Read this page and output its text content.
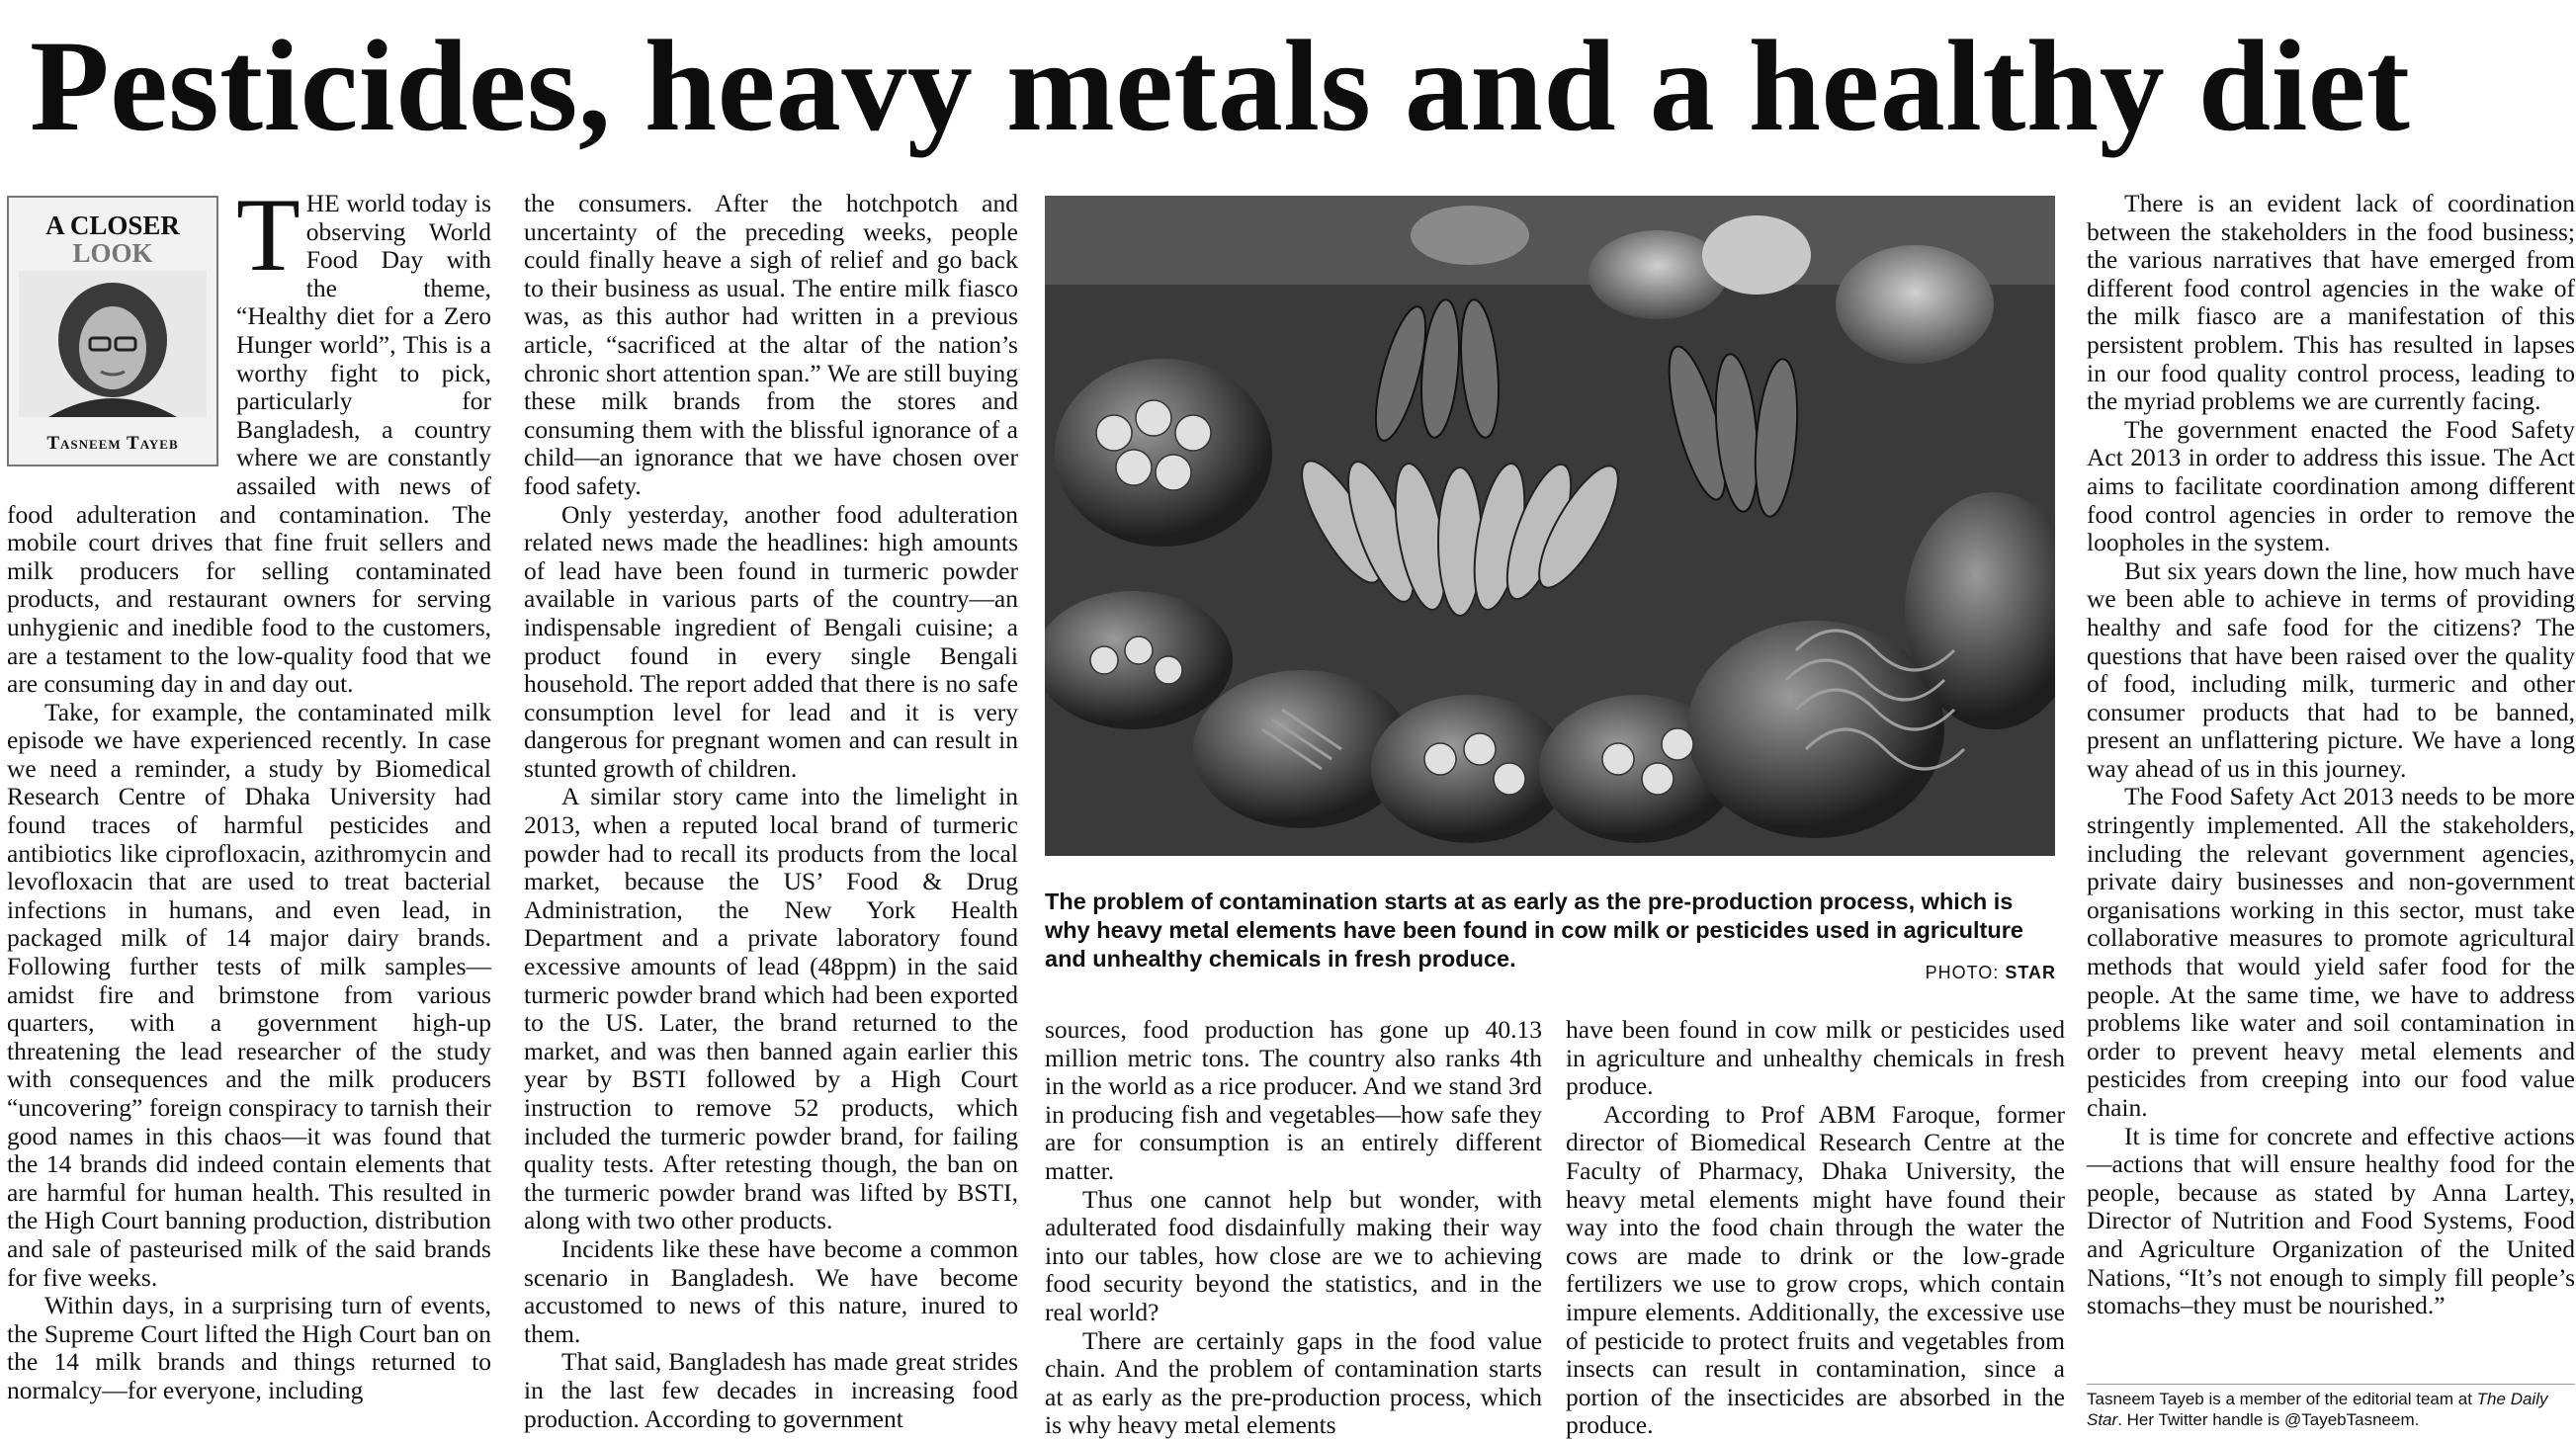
Pesticides, heavy metals and a healthy diet
A CLOSER
LOOK
Tasneem Tayeb
T HE world today is observing World Food Day with the theme, “Healthy diet for a Zero Hunger world”, This is a worthy fight to pick, particularly for Bangladesh, a country where we are constantly assailed with news of food adulteration and contamination. The mobile court drives that fine fruit sellers and milk producers for selling contaminated products, and restaurant owners for serving unhygienic and inedible food to the customers, are a testament to the low-quality food that we are consuming day in and day out.

Take, for example, the contaminated milk episode we have experienced recently. In case we need a reminder, a study by Biomedical Research Centre of Dhaka University had found traces of harmful pesticides and antibiotics like ciprofloxacin, azithromycin and levofloxacin that are used to treat bacterial infections in humans, and even lead, in packaged milk of 14 major dairy brands. Following further tests of milk samples—amidst fire and brimstone from various quarters, with a government high-up threatening the lead researcher of the study with consequences and the milk producers “uncovering” foreign conspiracy to tarnish their good names in this chaos—it was found that the 14 brands did indeed contain elements that are harmful for human health. This resulted in the High Court banning production, distribution and sale of pasteurised milk of the said brands for five weeks.

Within days, in a surprising turn of events, the Supreme Court lifted the High Court ban on the 14 milk brands and things returned to normalcy—for everyone, including

the consumers. After the hotchpotch and uncertainty of the preceding weeks, people could finally heave a sigh of relief and go back to their business as usual. The entire milk fiasco was, as this author had written in a previous article, “sacrificed at the altar of the nation’s chronic short attention span.” We are still buying these milk brands from the stores and consuming them with the blissful ignorance of a child—an ignorance that we have chosen over food safety.

Only yesterday, another food adulteration related news made the headlines: high amounts of lead have been found in turmeric powder available in various parts of the country—an indispensable ingredient of Bengali cuisine; a product found in every single Bengali household. The report added that there is no safe consumption level for lead and it is very dangerous for pregnant women and can result in stunted growth of children.

A similar story came into the limelight in 2013, when a reputed local brand of turmeric powder had to recall its products from the local market, because the US’ Food & Drug Administration, the New York Health Department and a private laboratory found excessive amounts of lead (48ppm) in the said turmeric powder brand which had been exported to the US. Later, the brand returned to the market, and was then banned again earlier this year by BSTI followed by a High Court instruction to remove 52 products, which included the turmeric powder brand, for failing quality tests. After retesting though, the ban on the turmeric powder brand was lifted by BSTI, along with two other products.

Incidents like these have become a common scenario in Bangladesh. We have become accustomed to news of this nature, inured to them.

That said, Bangladesh has made great strides in the last few decades in increasing food production. According to government

The problem of contamination starts at as early as the pre-production process, which is why heavy metal elements have been found in cow milk or pesticides used in agriculture and unhealthy chemicals in fresh produce.
PHOTO: STAR

sources, food production has gone up 40.13 million metric tons. The country also ranks 4th in the world as a rice producer. And we stand 3rd in producing fish and vegetables—how safe they are for consumption is an entirely different matter.

Thus one cannot help but wonder, with adulterated food disdainfully making their way into our tables, how close are we to achieving food security beyond the statistics, and in the real world?

There are certainly gaps in the food value chain. And the problem of contamination starts at as early as the pre-production process, which is why heavy metal elements

have been found in cow milk or pesticides used in agriculture and unhealthy chemicals in fresh produce.

According to Prof ABM Faroque, former director of Biomedical Research Centre at the Faculty of Pharmacy, Dhaka University, the heavy metal elements might have found their way into the food chain through the water the cows are made to drink or the low-grade fertilizers we use to grow crops, which contain impure elements. Additionally, the excessive use of pesticide to protect fruits and vegetables from insects can result in contamination, since a portion of the insecticides are absorbed in the produce.

There is an evident lack of coordination between the stakeholders in the food business; the various narratives that have emerged from different food control agencies in the wake of the milk fiasco are a manifestation of this persistent problem. This has resulted in lapses in our food quality control process, leading to the myriad problems we are currently facing.

The government enacted the Food Safety Act 2013 in order to address this issue. The Act aims to facilitate coordination among different food control agencies in order to remove the loopholes in the system.

But six years down the line, how much have we been able to achieve in terms of providing healthy and safe food for the citizens? The questions that have been raised over the quality of food, including milk, turmeric and other consumer products that had to be banned, present an unflattering picture. We have a long way ahead of us in this journey.

The Food Safety Act 2013 needs to be more stringently implemented. All the stakeholders, including the relevant government agencies, private dairy businesses and non-government organisations working in this sector, must take collaborative measures to promote agricultural methods that would yield safer food for the people. At the same time, we have to address problems like water and soil contamination in order to prevent heavy metal elements and pesticides from creeping into our food value chain.

It is time for concrete and effective actions—actions that will ensure healthy food for the people, because as stated by Anna Lartey, Director of Nutrition and Food Systems, Food and Agriculture Organization of the United Nations, “It’s not enough to simply fill people’s stomachs–they must be nourished.”

Tasneem Tayeb is a member of the editorial team at The Daily Star. Her Twitter handle is @TayebTasneem.
